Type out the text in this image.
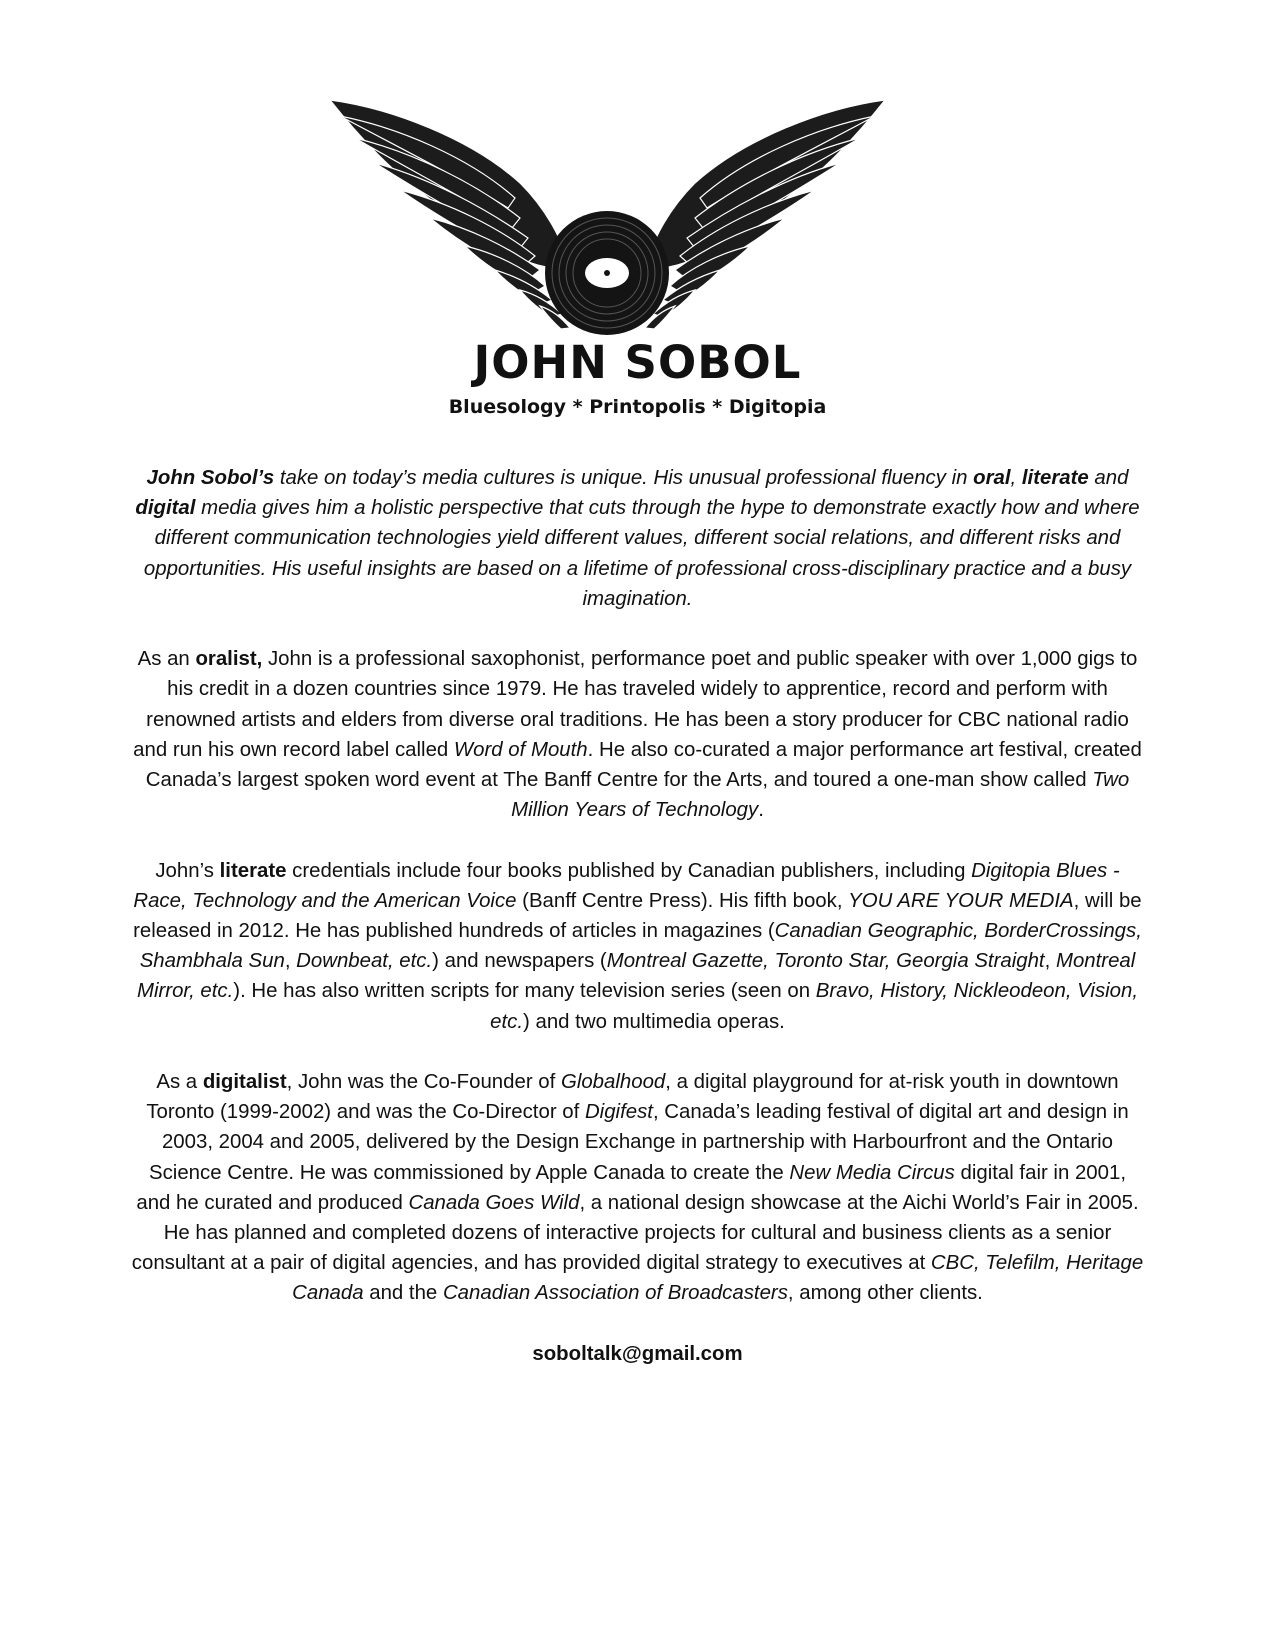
JOHN SOBOL
Bluesology * Printopolis * Digitopia

John Sobol’s take on today’s media cultures is unique. His unusual professional fluency in oral, literate and digital media gives him a holistic perspective that cuts through the hype to demonstrate exactly how and where different communication technologies yield different values, different social relations, and different risks and opportunities. His useful insights are based on a lifetime of professional cross-disciplinary practice and a busy imagination.

As an oralist, John is a professional saxophonist, performance poet and public speaker with over 1,000 gigs to his credit in a dozen countries since 1979. He has traveled widely to apprentice, record and perform with renowned artists and elders from diverse oral traditions. He has been a story producer for CBC national radio and run his own record label called Word of Mouth. He also co-curated a major performance art festival, created Canada’s largest spoken word event at The Banff Centre for the Arts, and toured a one-man show called Two Million Years of Technology.

John’s literate credentials include four books published by Canadian publishers, including Digitopia Blues - Race, Technology and the American Voice (Banff Centre Press). His fifth book, YOU ARE YOUR MEDIA, will be released in 2012. He has published hundreds of articles in magazines (Canadian Geographic, BorderCrossings, Shambhala Sun, Downbeat, etc.) and newspapers (Montreal Gazette, Toronto Star, Georgia Straight, Montreal Mirror, etc.). He has also written scripts for many television series (seen on Bravo, History, Nickleodeon, Vision, etc.) and two multimedia operas.

As a digitalist, John was the Co-Founder of Globalhood, a digital playground for at-risk youth in downtown Toronto (1999-2002) and was the Co-Director of Digifest, Canada’s leading festival of digital art and design in 2003, 2004 and 2005, delivered by the Design Exchange in partnership with Harbourfront and the Ontario Science Centre. He was commissioned by Apple Canada to create the New Media Circus digital fair in 2001, and he curated and produced Canada Goes Wild, a national design showcase at the Aichi World’s Fair in 2005. He has planned and completed dozens of interactive projects for cultural and business clients as a senior consultant at a pair of digital agencies, and has provided digital strategy to executives at CBC, Telefilm, Heritage Canada and the Canadian Association of Broadcasters, among other clients.

soboltalk@gmail.com
